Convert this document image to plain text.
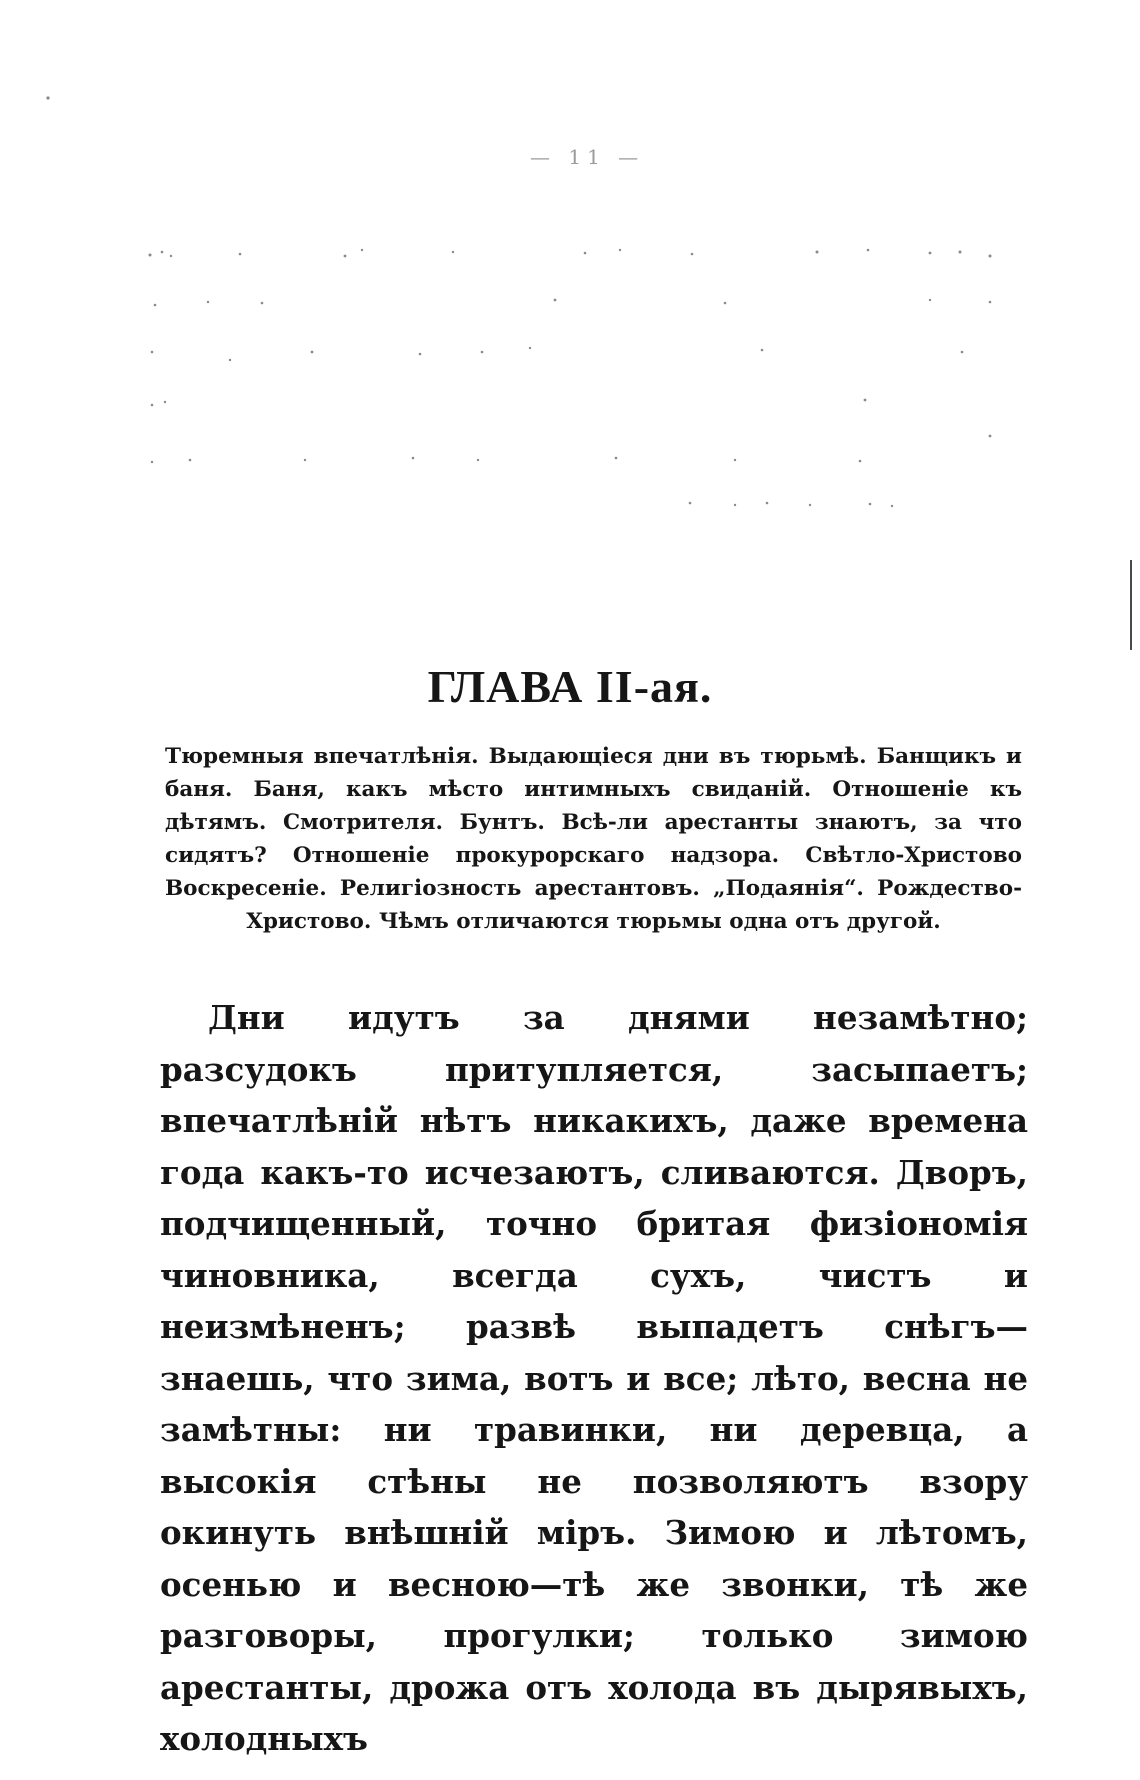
— 11 —
ГЛАВА II-ая.

Тюремныя впечатлѣнія. Выдающіеся дни въ тюрьмѣ. Банщикъ и баня. Баня, какъ мѣсто интимныхъ свиданій. Отношеніе къ дѣтямъ. Смотрителя. Бунтъ. Всѣ-ли арестанты знаютъ, за что сидятъ? Отношеніе прокурорскаго надзора. Свѣтло-Христово Воскресеніе. Религіозность арестантовъ. „Подаянія“. Рождество-Христово. Чѣмъ отличаются тюрьмы одна отъ другой.

Дни идутъ за днями незамѣтно; разсудокъ притупляется, засыпаетъ; впечатлѣній нѣтъ никакихъ, даже времена года какъ-то исчезаютъ, сливаются. Дворъ, подчищенный, точно бритая физіономія чиновника, всегда сухъ, чистъ и неизмѣненъ; развѣ выпадетъ снѣгъ—знаешь, что зима, вотъ и все; лѣто, весна не замѣтны: ни травинки, ни деревца, а высокія стѣны не позволяютъ взору окинуть внѣшній міръ. Зимою и лѣтомъ, осенью и весною—тѣ же звонки, тѣ же разговоры, прогулки; только зимою арестанты, дрожа отъ холода въ дырявыхъ, холодныхъ
